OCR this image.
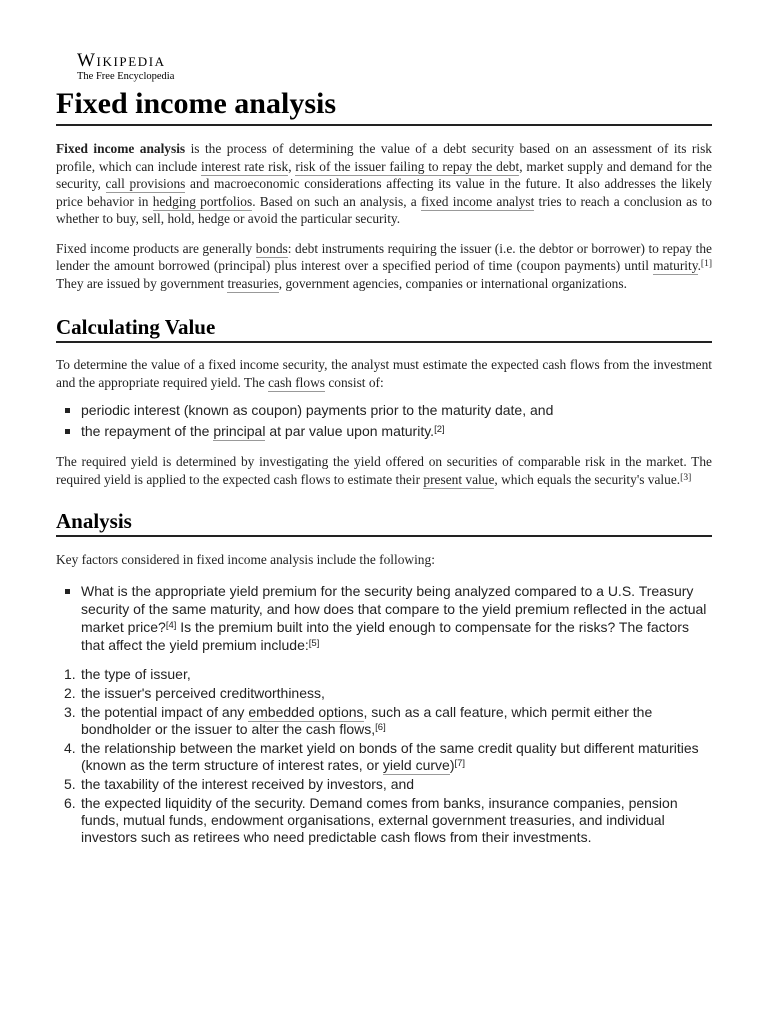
Wikipedia
The Free Encyclopedia
Fixed income analysis

Fixed income analysis is the process of determining the value of a debt security based on an assessment of its risk profile, which can include interest rate risk, risk of the issuer failing to repay the debt, market supply and demand for the security, call provisions and macroeconomic considerations affecting its value in the future. It also addresses the likely price behavior in hedging portfolios. Based on such an analysis, a fixed income analyst tries to reach a conclusion as to whether to buy, sell, hold, hedge or avoid the particular security.

Fixed income products are generally bonds: debt instruments requiring the issuer (i.e. the debtor or borrower) to repay the lender the amount borrowed (principal) plus interest over a specified period of time (coupon payments) until maturity.[1] They are issued by government treasuries, government agencies, companies or international organizations.

Calculating Value

To determine the value of a fixed income security, the analyst must estimate the expected cash flows from the investment and the appropriate required yield. The cash flows consist of:

periodic interest (known as coupon) payments prior to the maturity date, and
the repayment of the principal at par value upon maturity.[2]

The required yield is determined by investigating the yield offered on securities of comparable risk in the market. The required yield is applied to the expected cash flows to estimate their present value, which equals the security's value.[3]

Analysis

Key factors considered in fixed income analysis include the following:

What is the appropriate yield premium for the security being analyzed compared to a U.S. Treasury security of the same maturity, and how does that compare to the yield premium reflected in the actual market price?[4] Is the premium built into the yield enough to compensate for the risks? The factors that affect the yield premium include:[5]
1. the type of issuer,
2. the issuer's perceived creditworthiness,
3. the potential impact of any embedded options, such as a call feature, which permit either the bondholder or the issuer to alter the cash flows,[6]
4. the relationship between the market yield on bonds of the same credit quality but different maturities (known as the term structure of interest rates, or yield curve)[7]
5. the taxability of the interest received by investors, and
6. the expected liquidity of the security. Demand comes from banks, insurance companies, pension funds, mutual funds, endowment organisations, external government treasuries, and individual investors such as retirees who need predictable cash flows from their investments.
